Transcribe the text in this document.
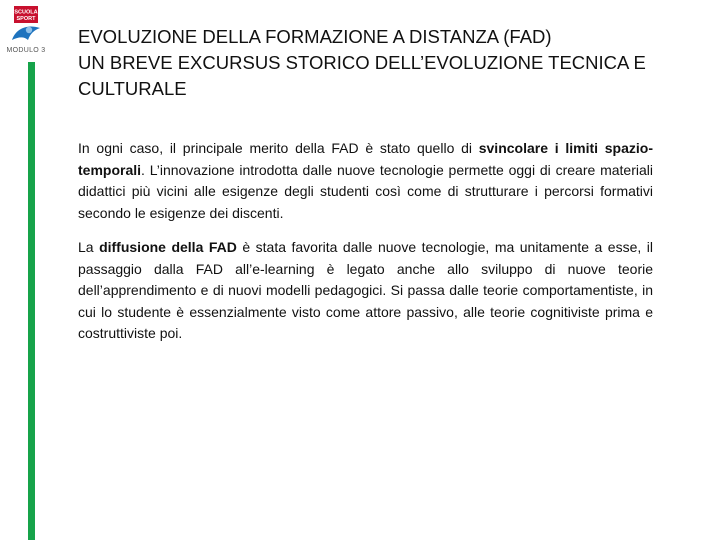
SCUOLA
SPORT
MODULO 3
EVOLUZIONE DELLA FORMAZIONE A DISTANZA (FAD)
UN BREVE EXCURSUS STORICO DELL’EVOLUZIONE TECNICA E
CULTURALE

In ogni caso, il principale merito della FAD è stato quello di svincolare i limiti spazio-temporali. L’innovazione introdotta dalle nuove tecnologie permette oggi di creare materiali didattici più vicini alle esigenze degli studenti così come di strutturare i percorsi formativi secondo le esigenze dei discenti.

La diffusione della FAD è stata favorita dalle nuove tecnologie, ma unitamente a esse, il passaggio dalla FAD all’e-learning è legato anche allo sviluppo di nuove teorie dell’apprendimento e di nuovi modelli pedagogici. Si passa dalle teorie comportamentiste, in cui lo studente è essenzialmente visto come attore passivo, alle teorie cognitiviste prima e costruttiviste poi.
